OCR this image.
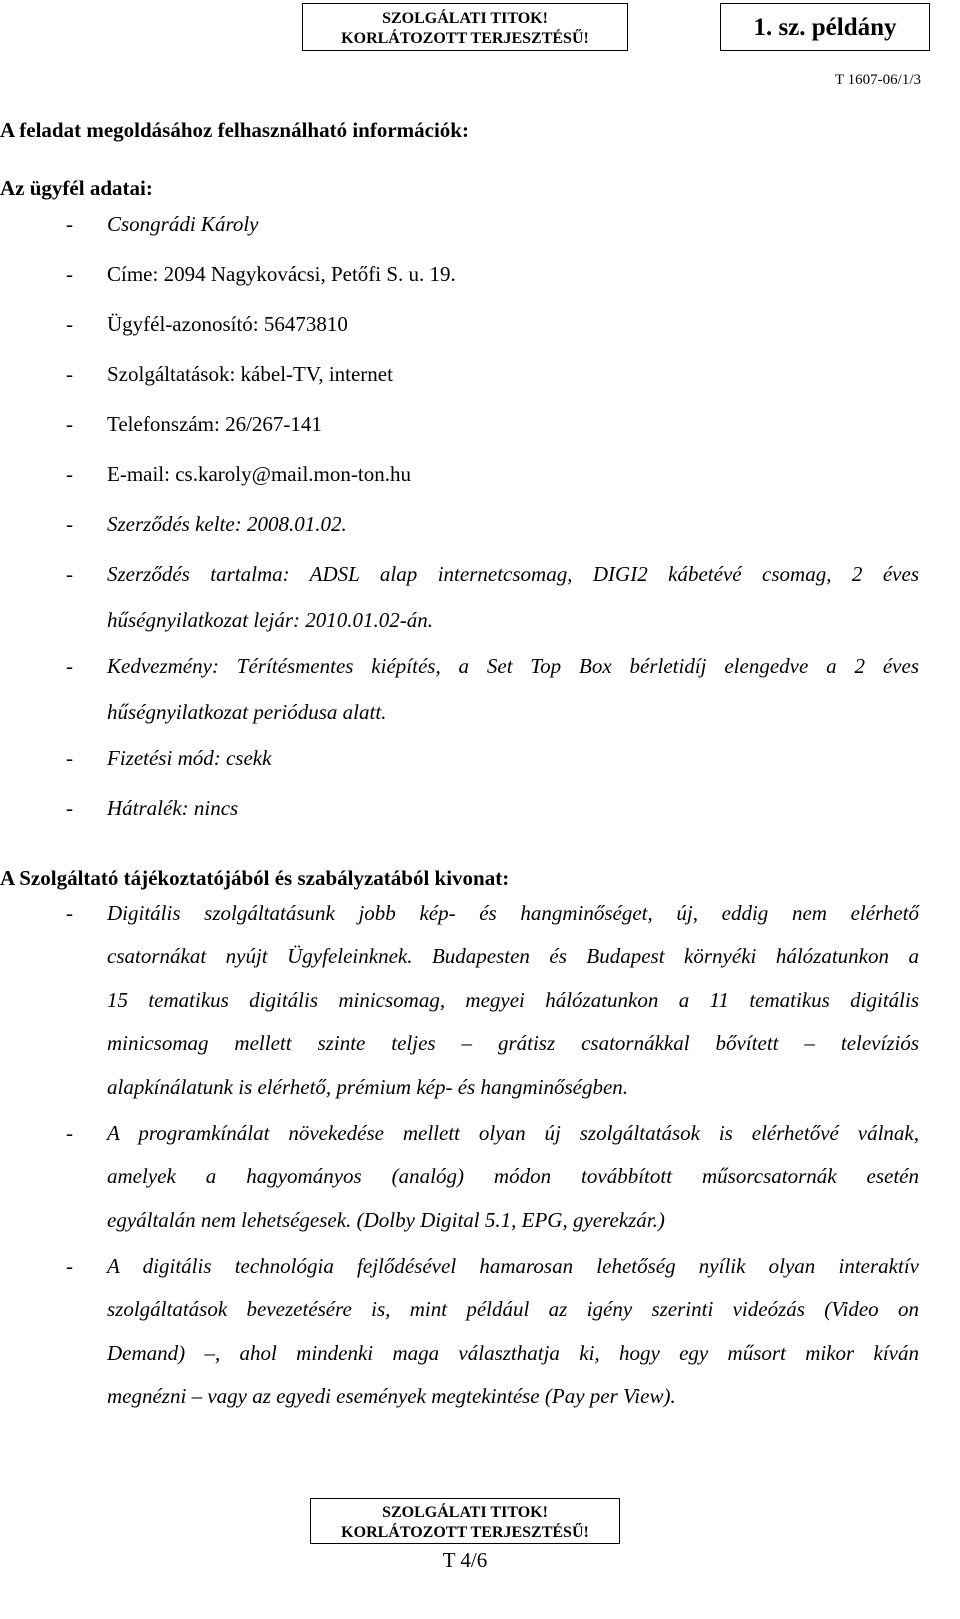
SZOLGÁLATI TITOK!
KORLÁTOZOTT TERJESZTÉSŰ!	1. sz. példány
T 1607-06/1/3
A feladat megoldásához felhasználható információk:
Az ügyfél adatai:
- Csongrádi Károly
- Címe: 2094 Nagykovácsi, Petőfi S. u. 19.
- Ügyfél-azonosító: 56473810
- Szolgáltatások: kábel-TV, internet
- Telefonszám: 26/267-141
- E-mail: cs.karoly@mail.mon-ton.hu
- Szerződés kelte: 2008.01.02.
- Szerződés tartalma: ADSL alap internetcsomag, DIGI2 kábetévé csomag, 2 éves
hűségnyilatkozat lejár: 2010.01.02-án.
- Kedvezmény: Térítésmentes kiépítés, a Set Top Box bérletidíj elengedve a 2 éves
hűségnyilatkozat periódusa alatt.
- Fizetési mód: csekk
- Hátralék: nincs
A Szolgáltató tájékoztatójából és szabályzatából kivonat:
- Digitális szolgáltatásunk jobb kép- és hangminőséget, új, eddig nem elérhető
csatornákat nyújt Ügyfeleinknek. Budapesten és Budapest környéki hálózatunkon a
15 tematikus digitális minicsomag, megyei hálózatunkon a 11 tematikus digitális
minicsomag mellett szinte teljes – grátisz csatornákkal bővített – televíziós
alapkínálatunk is elérhető, prémium kép- és hangminőségben.
- A programkínálat növekedése mellett olyan új szolgáltatások is elérhetővé válnak,
amelyek a hagyományos (analóg) módon továbbított műsorcsatornák esetén
egyáltalán nem lehetségesek. (Dolby Digital 5.1, EPG, gyerekzár.)
- A digitális technológia fejlődésével hamarosan lehetőség nyílik olyan interaktív
szolgáltatások bevezetésére is, mint például az igény szerinti videózás (Video on
Demand) –, ahol mindenki maga választhatja ki, hogy egy műsort mikor kíván
megnézni – vagy az egyedi események megtekintése (Pay per View).
SZOLGÁLATI TITOK!
KORLÁTOZOTT TERJESZTÉSŰ!
T 4/6
